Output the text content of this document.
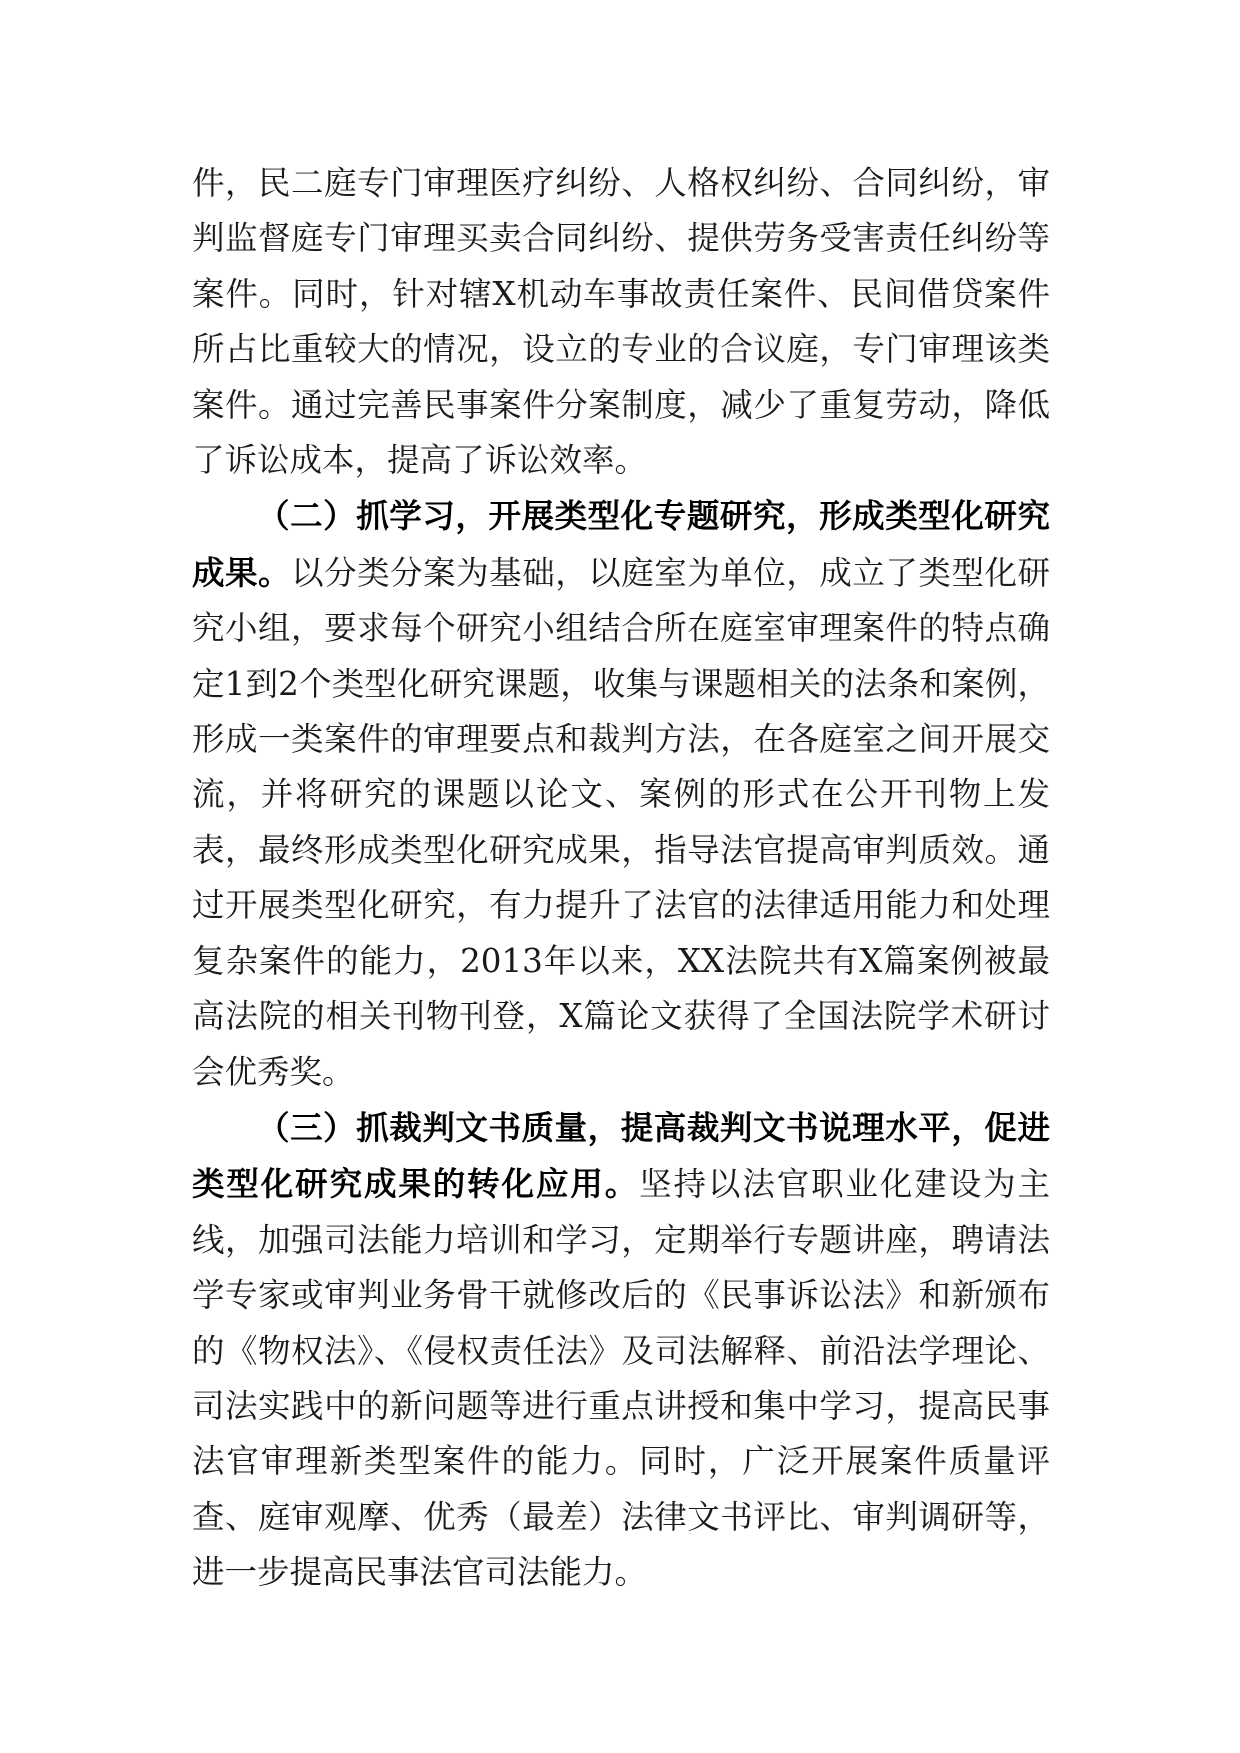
件，民二庭专门审理医疗纠纷、人格权纠纷、合同纠纷，审判监督庭专门审理买卖合同纠纷、提供劳务受害责任纠纷等案件。同时，针对辖X机动车事故责任案件、民间借贷案件所占比重较大的情况，设立的专业的合议庭，专门审理该类案件。通过完善民事案件分案制度，减少了重复劳动，降低了诉讼成本，提高了诉讼效率。

（二）抓学习，开展类型化专题研究，形成类型化研究成果。以分类分案为基础，以庭室为单位，成立了类型化研究小组，要求每个研究小组结合所在庭室审理案件的特点确定1到2个类型化研究课题，收集与课题相关的法条和案例，形成一类案件的审理要点和裁判方法，在各庭室之间开展交流，并将研究的课题以论文、案例的形式在公开刊物上发表，最终形成类型化研究成果，指导法官提高审判质效。通过开展类型化研究，有力提升了法官的法律适用能力和处理复杂案件的能力，2013年以来，XX法院共有X篇案例被最高法院的相关刊物刊登，X篇论文获得了全国法院学术研讨会优秀奖。

（三）抓裁判文书质量，提高裁判文书说理水平，促进类型化研究成果的转化应用。坚持以法官职业化建设为主线，加强司法能力培训和学习，定期举行专题讲座，聘请法学专家或审判业务骨干就修改后的《民事诉讼法》和新颁布的《物权法》、《侵权责任法》及司法解释、前沿法学理论、司法实践中的新问题等进行重点讲授和集中学习，提高民事法官审理新类型案件的能力。同时，广泛开展案件质量评查、庭审观摩、优秀（最差）法律文书评比、审判调研等，进一步提高民事法官司法能力。
